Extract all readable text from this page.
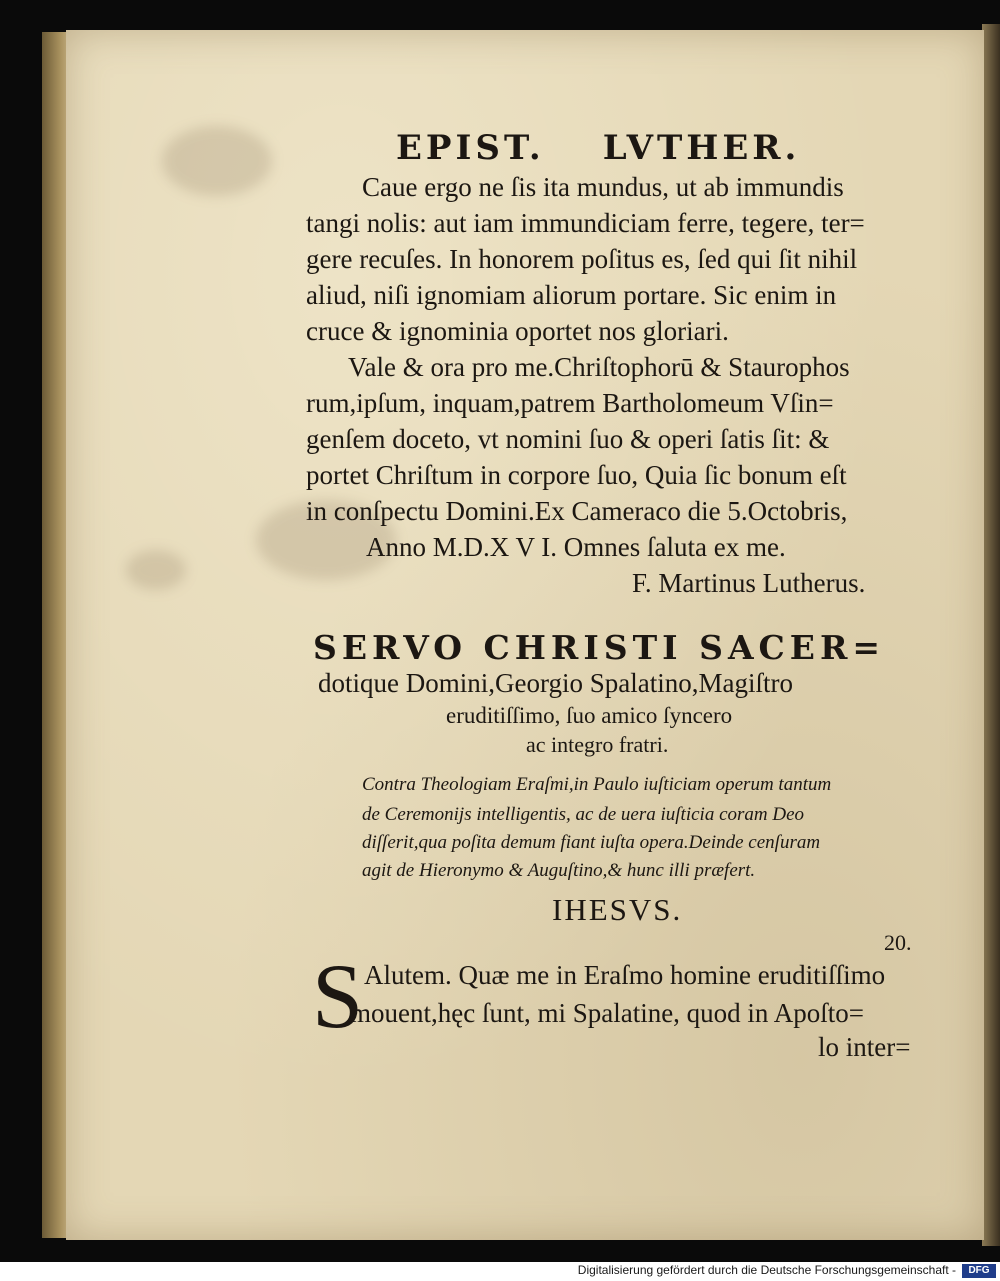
EPIST. LVTHER.
Caue ergo ne ſis ita mundus, ut ab immundis
tangi nolis: aut iam immundiciam ferre, tegere, ter=
gere recuſes. In honorem poſitus es, ſed qui ſit nihil
aliud, niſi ignomiam aliorum portare. Sic enim in
cruce & ignominia oportet nos gloriari.
Vale & ora pro me.Chriſtophorū & Staurophos
rum,ipſum, inquam,patrem Bartholomeum Vſin=
genſem doceto, vt nomini ſuo & operi ſatis ſit: &
portet Chriſtum in corpore ſuo, Quia ſic bonum eſt
in conſpectu Domini.Ex Cameraco die 5.Octobris,
Anno M.D.X V I. Omnes ſaluta ex me.
F. Martinus Lutherus.
SERVO CHRISTI SACER=
dotique Domini,Georgio Spalatino,Magiſtro
eruditiſſimo, ſuo amico ſyncero
ac integro fratri.
Contra Theologiam Eraſmi,in Paulo iuſticiam operum tantum
de Ceremonijs intelligentis, ac de uera iuſticia coram Deo
diſſerit,qua poſita demum fiant iuſta opera.Deinde cenſuram
agit de Hieronymo & Auguſtino,& hunc illi præfert.
IHESVS.
20.
S Alutem. Quæ me in Eraſmo homine eruditiſſimo
mouent,hęc ſunt, mi Spalatine, quod in Apoſto=
lo inter=
Digitalisierung gefördert durch die Deutsche Forschungsgemeinschaft -	DFG
